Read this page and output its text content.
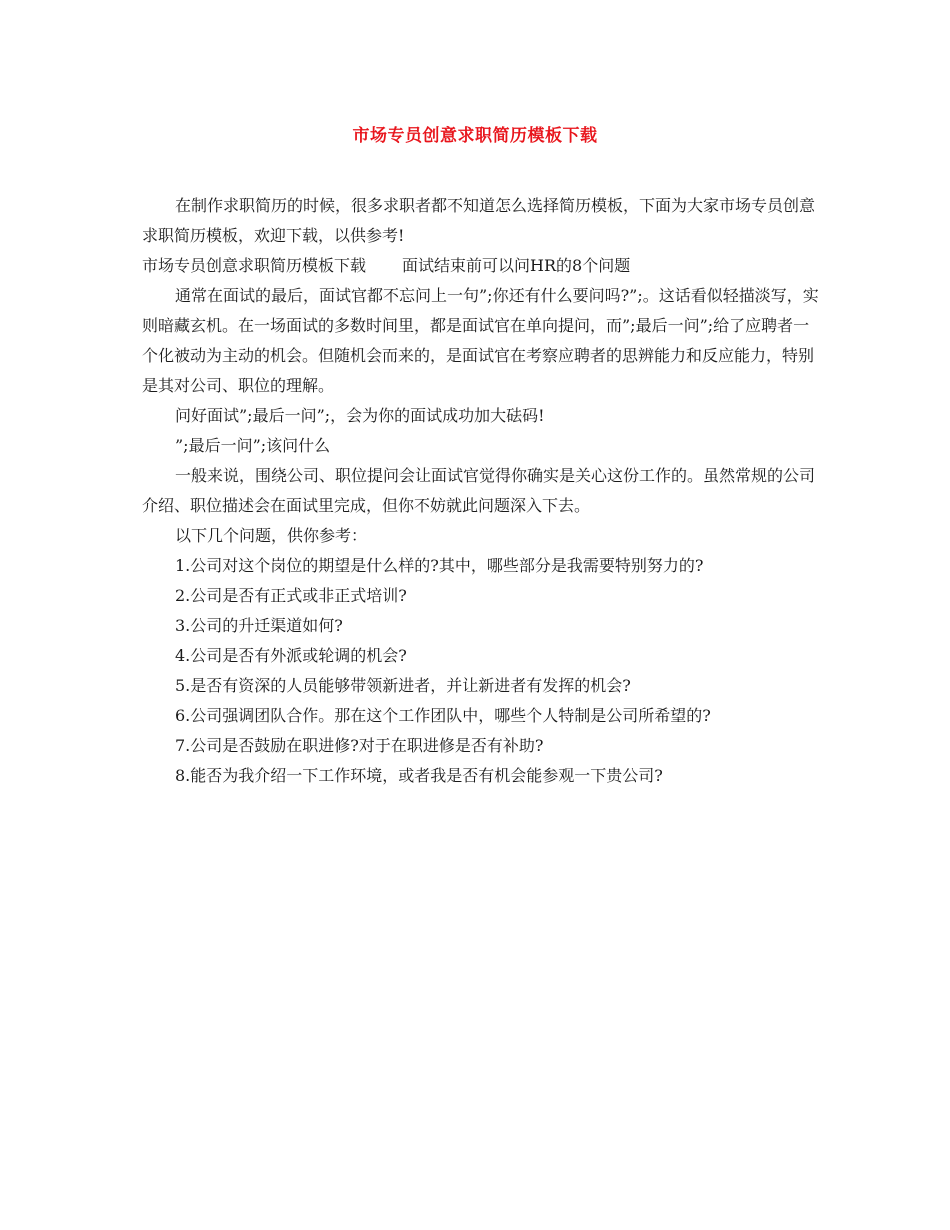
市场专员创意求职简历模板下载

在制作求职简历的时候，很多求职者都不知道怎么选择简历模板，下面为大家市场专员创意求职简历模板，欢迎下载，以供参考!

市场专员创意求职简历模板下载 面试结束前可以问HR的8个问题

通常在面试的最后，面试官都不忘问上一句”;你还有什么要问吗?”;。这话看似轻描淡写，实则暗藏玄机。在一场面试的多数时间里，都是面试官在单向提问，而”;最后一问”;给了应聘者一个化被动为主动的机会。但随机会而来的，是面试官在考察应聘者的思辨能力和反应能力，特别是其对公司、职位的理解。

问好面试”;最后一问”;，会为你的面试成功加大砝码!

”;最后一问”;该问什么

一般来说，围绕公司、职位提问会让面试官觉得你确实是关心这份工作的。虽然常规的公司介绍、职位描述会在面试里完成，但你不妨就此问题深入下去。

以下几个问题，供你参考：

1.公司对这个岗位的期望是什么样的?其中，哪些部分是我需要特别努力的?
2.公司是否有正式或非正式培训?
3.公司的升迁渠道如何?
4.公司是否有外派或轮调的机会?
5.是否有资深的人员能够带领新进者，并让新进者有发挥的机会?
6.公司强调团队合作。那在这个工作团队中，哪些个人特制是公司所希望的?
7.公司是否鼓励在职进修?对于在职进修是否有补助?
8.能否为我介绍一下工作环境，或者我是否有机会能参观一下贵公司?
